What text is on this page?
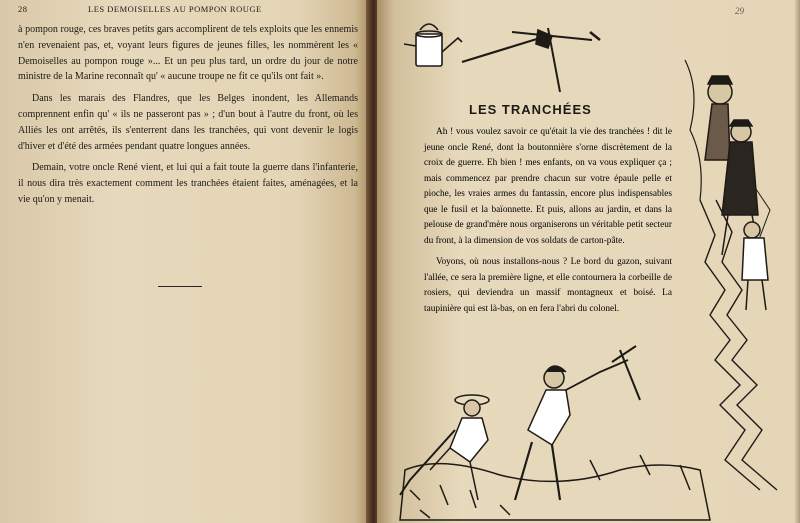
28	LES DEMOISELLES AU POMPON ROUGE

à pompon rouge, ces braves petits gars accomplirent de tels exploits que les ennemis n'en revenaient pas, et, voyant leurs figures de jeunes filles, les nommèrent les « Demoiselles au pompon rouge »... Et un peu plus tard, un ordre du jour de notre ministre de la Marine reconnaît qu' « aucune troupe ne fit ce qu'ils ont fait ».

Dans les marais des Flandres, que les Belges inondent, les Allemands comprennent enfin qu' « ils ne passeront pas » ; d'un bout à l'autre du front, où les Alliés les ont arrêtés, ils s'enterrent dans les tranchées, qui vont devenir le logis d'hiver et d'été des armées pendant quatre longues années.

Demain, votre oncle René vient, et lui qui a fait toute la guerre dans l'infanterie, il nous dira très exactement comment les tranchées étaient faites, aménagées, et la vie qu'on y menait.

29
LES TRANCHÉES

Ah ! vous voulez savoir ce qu'était la vie des tranchées ! dit le jeune oncle René, dont la boutonnière s'orne discrètement de la croix de guerre. Eh bien ! mes enfants, on va vous expliquer ça ; mais commencez par prendre chacun sur votre épaule pelle et pioche, les vraies armes du fantassin, encore plus indispensables que le fusil et la baïonnette. Et puis, allons au jardin, et dans la pelouse de grand'mère nous organiserons un véritable petit secteur du front, à la dimension de vos soldats de carton-pâte.

Voyons, où nous installons-nous ? Le bord du gazon, suivant l'allée, ce sera la première ligne, et elle contournera la corbeille de rosiers, qui deviendra un massif montagneux et boisé. La taupinière qui est là-bas, on en fera l'abri du colonel.
